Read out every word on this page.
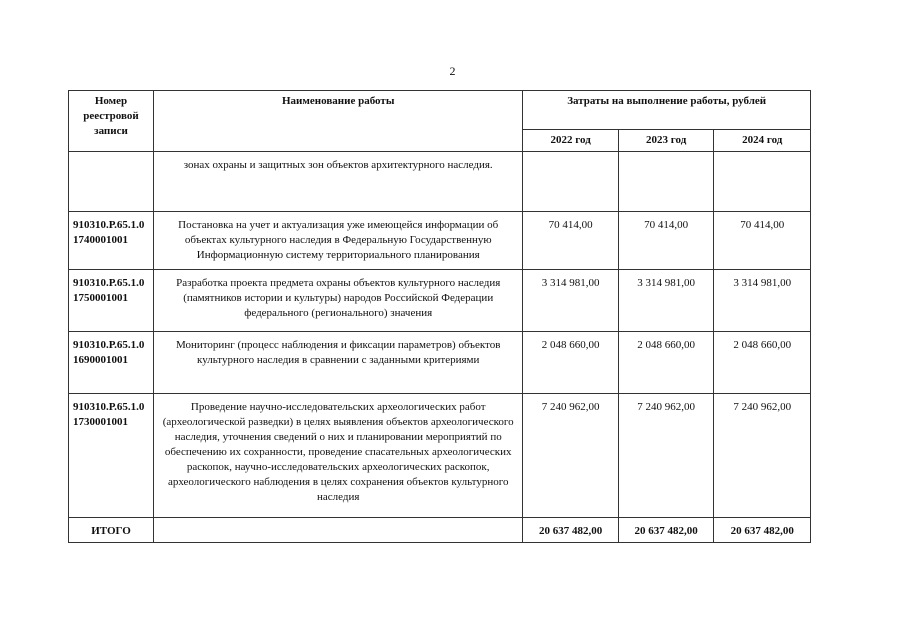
2
Номер реестровой записи	Наименование работы	Затраты на выполнение работы, рублей		
		2022 год	2023 год	2024 год
	зонах охраны и защитных зон объектов архитектурного наследия.			
910310.Р.65.1.0 1740001001	Постановка на учет и актуализация уже имеющейся информации об объектах культурного наследия в Федеральную Государственную Информационную систему территориального планирования	70 414,00	70 414,00	70 414,00
910310.Р.65.1.0 1750001001	Разработка проекта предмета охраны объектов культурного наследия (памятников истории и культуры) народов Российской Федерации федерального (регионального) значения	3 314 981,00	3 314 981,00	3 314 981,00
910310.Р.65.1.0 1690001001	Мониторинг (процесс наблюдения и фиксации параметров) объектов культурного наследия в сравнении с заданными критериями	2 048 660,00	2 048 660,00	2 048 660,00
910310.Р.65.1.0 1730001001	Проведение научно-исследовательских археологических работ (археологической разведки) в целях выявления объектов археологического наследия, уточнения сведений о них и планировании мероприятий по обеспечению их сохранности, проведение спасательных археологических раскопок, научно-исследовательских археологических раскопок, археологического наблюдения в целях сохранения объектов культурного наследия	7 240 962,00	7 240 962,00	7 240 962,00
ИТОГО		20 637 482,00	20 637 482,00	20 637 482,00
